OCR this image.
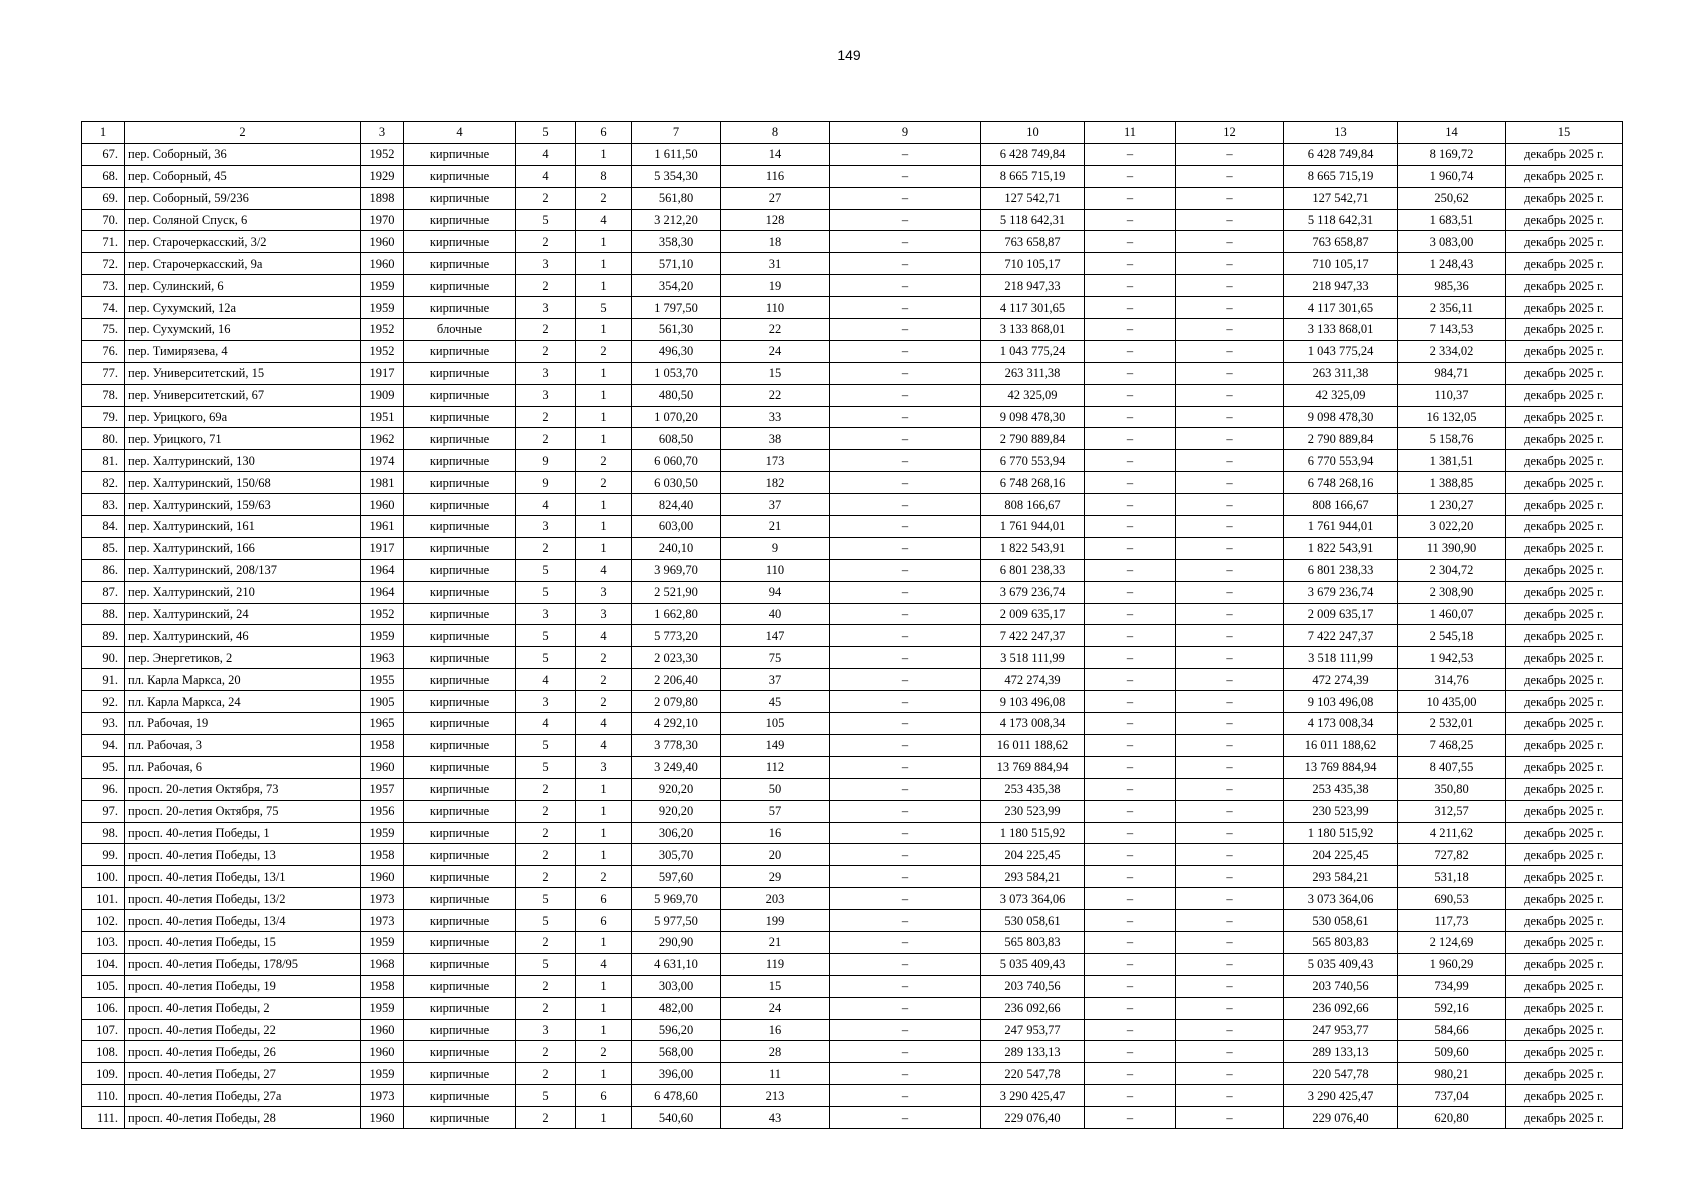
149
1	2	3	4	5	6	7	8	9	10	11	12	13	14	15
67.	пер. Соборный, 36	1952	кирпичные	4	1	1 611,50	14	–	6 428 749,84	–	–	6 428 749,84	8 169,72	декабрь 2025 г.
68.	пер. Соборный, 45	1929	кирпичные	4	8	5 354,30	116	–	8 665 715,19	–	–	8 665 715,19	1 960,74	декабрь 2025 г.
69.	пер. Соборный, 59/236	1898	кирпичные	2	2	561,80	27	–	127 542,71	–	–	127 542,71	250,62	декабрь 2025 г.
70.	пер. Соляной Спуск, 6	1970	кирпичные	5	4	3 212,20	128	–	5 118 642,31	–	–	5 118 642,31	1 683,51	декабрь 2025 г.
71.	пер. Старочеркасский, 3/2	1960	кирпичные	2	1	358,30	18	–	763 658,87	–	–	763 658,87	3 083,00	декабрь 2025 г.
72.	пер. Старочеркасский, 9а	1960	кирпичные	3	1	571,10	31	–	710 105,17	–	–	710 105,17	1 248,43	декабрь 2025 г.
73.	пер. Сулинский, 6	1959	кирпичные	2	1	354,20	19	–	218 947,33	–	–	218 947,33	985,36	декабрь 2025 г.
74.	пер. Сухумский, 12а	1959	кирпичные	3	5	1 797,50	110	–	4 117 301,65	–	–	4 117 301,65	2 356,11	декабрь 2025 г.
75.	пер. Сухумский, 16	1952	блочные	2	1	561,30	22	–	3 133 868,01	–	–	3 133 868,01	7 143,53	декабрь 2025 г.
76.	пер. Тимирязева, 4	1952	кирпичные	2	2	496,30	24	–	1 043 775,24	–	–	1 043 775,24	2 334,02	декабрь 2025 г.
77.	пер. Университетский, 15	1917	кирпичные	3	1	1 053,70	15	–	263 311,38	–	–	263 311,38	984,71	декабрь 2025 г.
78.	пер. Университетский, 67	1909	кирпичные	3	1	480,50	22	–	42 325,09	–	–	42 325,09	110,37	декабрь 2025 г.
79.	пер. Урицкого, 69а	1951	кирпичные	2	1	1 070,20	33	–	9 098 478,30	–	–	9 098 478,30	16 132,05	декабрь 2025 г.
80.	пер. Урицкого, 71	1962	кирпичные	2	1	608,50	38	–	2 790 889,84	–	–	2 790 889,84	5 158,76	декабрь 2025 г.
81.	пер. Халтуринский, 130	1974	кирпичные	9	2	6 060,70	173	–	6 770 553,94	–	–	6 770 553,94	1 381,51	декабрь 2025 г.
82.	пер. Халтуринский, 150/68	1981	кирпичные	9	2	6 030,50	182	–	6 748 268,16	–	–	6 748 268,16	1 388,85	декабрь 2025 г.
83.	пер. Халтуринский, 159/63	1960	кирпичные	4	1	824,40	37	–	808 166,67	–	–	808 166,67	1 230,27	декабрь 2025 г.
84.	пер. Халтуринский, 161	1961	кирпичные	3	1	603,00	21	–	1 761 944,01	–	–	1 761 944,01	3 022,20	декабрь 2025 г.
85.	пер. Халтуринский, 166	1917	кирпичные	2	1	240,10	9	–	1 822 543,91	–	–	1 822 543,91	11 390,90	декабрь 2025 г.
86.	пер. Халтуринский, 208/137	1964	кирпичные	5	4	3 969,70	110	–	6 801 238,33	–	–	6 801 238,33	2 304,72	декабрь 2025 г.
87.	пер. Халтуринский, 210	1964	кирпичные	5	3	2 521,90	94	–	3 679 236,74	–	–	3 679 236,74	2 308,90	декабрь 2025 г.
88.	пер. Халтуринский, 24	1952	кирпичные	3	3	1 662,80	40	–	2 009 635,17	–	–	2 009 635,17	1 460,07	декабрь 2025 г.
89.	пер. Халтуринский, 46	1959	кирпичные	5	4	5 773,20	147	–	7 422 247,37	–	–	7 422 247,37	2 545,18	декабрь 2025 г.
90.	пер. Энергетиков, 2	1963	кирпичные	5	2	2 023,30	75	–	3 518 111,99	–	–	3 518 111,99	1 942,53	декабрь 2025 г.
91.	пл. Карла Маркса, 20	1955	кирпичные	4	2	2 206,40	37	–	472 274,39	–	–	472 274,39	314,76	декабрь 2025 г.
92.	пл. Карла Маркса, 24	1905	кирпичные	3	2	2 079,80	45	–	9 103 496,08	–	–	9 103 496,08	10 435,00	декабрь 2025 г.
93.	пл. Рабочая, 19	1965	кирпичные	4	4	4 292,10	105	–	4 173 008,34	–	–	4 173 008,34	2 532,01	декабрь 2025 г.
94.	пл. Рабочая, 3	1958	кирпичные	5	4	3 778,30	149	–	16 011 188,62	–	–	16 011 188,62	7 468,25	декабрь 2025 г.
95.	пл. Рабочая, 6	1960	кирпичные	5	3	3 249,40	112	–	13 769 884,94	–	–	13 769 884,94	8 407,55	декабрь 2025 г.
96.	просп. 20-летия Октября, 73	1957	кирпичные	2	1	920,20	50	–	253 435,38	–	–	253 435,38	350,80	декабрь 2025 г.
97.	просп. 20-летия Октября, 75	1956	кирпичные	2	1	920,20	57	–	230 523,99	–	–	230 523,99	312,57	декабрь 2025 г.
98.	просп. 40-летия Победы, 1	1959	кирпичные	2	1	306,20	16	–	1 180 515,92	–	–	1 180 515,92	4 211,62	декабрь 2025 г.
99.	просп. 40-летия Победы, 13	1958	кирпичные	2	1	305,70	20	–	204 225,45	–	–	204 225,45	727,82	декабрь 2025 г.
100.	просп. 40-летия Победы, 13/1	1960	кирпичные	2	2	597,60	29	–	293 584,21	–	–	293 584,21	531,18	декабрь 2025 г.
101.	просп. 40-летия Победы, 13/2	1973	кирпичные	5	6	5 969,70	203	–	3 073 364,06	–	–	3 073 364,06	690,53	декабрь 2025 г.
102.	просп. 40-летия Победы, 13/4	1973	кирпичные	5	6	5 977,50	199	–	530 058,61	–	–	530 058,61	117,73	декабрь 2025 г.
103.	просп. 40-летия Победы, 15	1959	кирпичные	2	1	290,90	21	–	565 803,83	–	–	565 803,83	2 124,69	декабрь 2025 г.
104.	просп. 40-летия Победы, 178/95	1968	кирпичные	5	4	4 631,10	119	–	5 035 409,43	–	–	5 035 409,43	1 960,29	декабрь 2025 г.
105.	просп. 40-летия Победы, 19	1958	кирпичные	2	1	303,00	15	–	203 740,56	–	–	203 740,56	734,99	декабрь 2025 г.
106.	просп. 40-летия Победы, 2	1959	кирпичные	2	1	482,00	24	–	236 092,66	–	–	236 092,66	592,16	декабрь 2025 г.
107.	просп. 40-летия Победы, 22	1960	кирпичные	3	1	596,20	16	–	247 953,77	–	–	247 953,77	584,66	декабрь 2025 г.
108.	просп. 40-летия Победы, 26	1960	кирпичные	2	2	568,00	28	–	289 133,13	–	–	289 133,13	509,60	декабрь 2025 г.
109.	просп. 40-летия Победы, 27	1959	кирпичные	2	1	396,00	11	–	220 547,78	–	–	220 547,78	980,21	декабрь 2025 г.
110.	просп. 40-летия Победы, 27а	1973	кирпичные	5	6	6 478,60	213	–	3 290 425,47	–	–	3 290 425,47	737,04	декабрь 2025 г.
111.	просп. 40-летия Победы, 28	1960	кирпичные	2	1	540,60	43	–	229 076,40	–	–	229 076,40	620,80	декабрь 2025 г.
